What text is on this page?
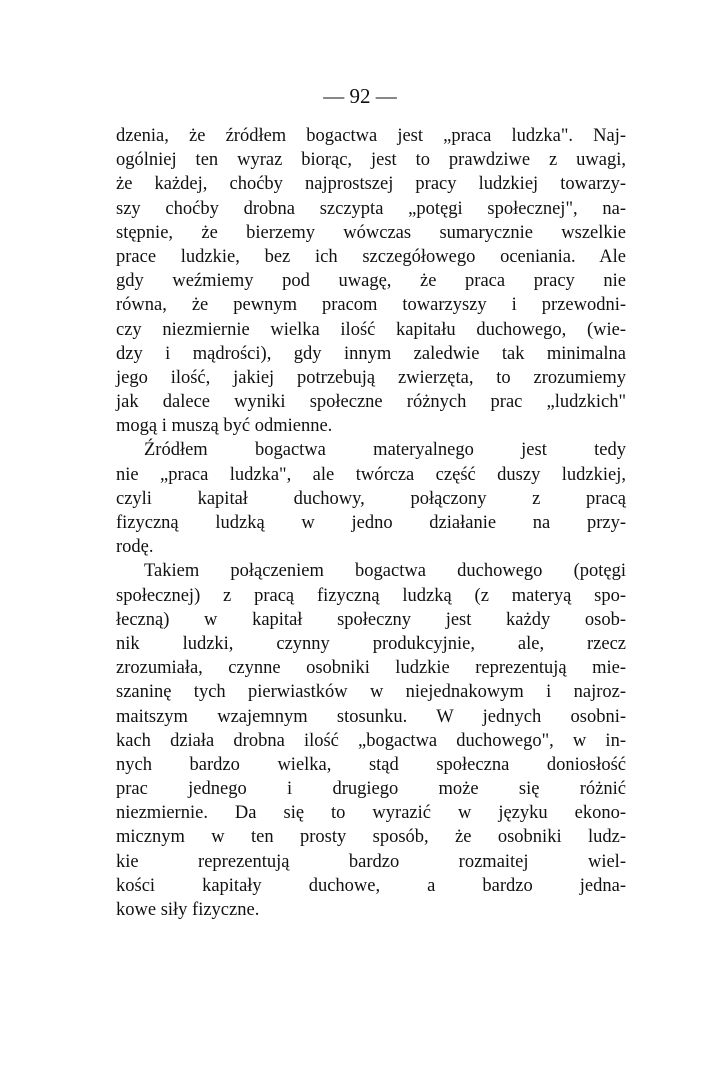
— 92 —
dzenia, że źródłem bogactwa jest „praca ludzka". Naj‑
ogólniej ten wyraz biorąc, jest to prawdziwe z uwagi,
że każdej, choćby najprostszej pracy ludzkiej towarzy‑
szy choćby drobna szczypta „potęgi społecznej", na‑
stępnie, że bierzemy wówczas sumarycznie wszelkie
prace ludzkie, bez ich szczegółowego oceniania. Ale
gdy weźmiemy pod uwagę, że praca pracy nie
równa, że pewnym pracom towarzyszy i przewodni‑
czy niezmiernie wielka ilość kapitału duchowego, (wie‑
dzy i mądrości), gdy innym zaledwie tak minimalna
jego ilość, jakiej potrzebują zwierzęta, to zrozumiemy
jak dalece wyniki społeczne różnych prac „ludzkich"
mogą i muszą być odmienne.
Źródłem bogactwa materyalnego jest tedy
nie „praca ludzka", ale twórcza część duszy ludzkiej,
czyli kapitał duchowy, połączony z pracą
fizyczną ludzką w jedno działanie na przy‑
rodę.
Takiem połączeniem bogactwa duchowego (potęgi
społecznej) z pracą fizyczną ludzką (z materyą spo‑
łeczną) w kapitał społeczny jest każdy osob‑
nik ludzki, czynny produkcyjnie, ale, rzecz
zrozumiała, czynne osobniki ludzkie reprezentują mie‑
szaninę tych pierwiastków w niejednakowym i najroz‑
maitszym wzajemnym stosunku. W jednych osobni‑
kach działa drobna ilość „bogactwa duchowego", w in‑
nych bardzo wielka, stąd społeczna doniosłość
prac jednego i drugiego może się różnić
niezmiernie. Da się to wyrazić w języku ekono‑
micznym w ten prosty sposób, że osobniki ludz‑
kie reprezentują bardzo rozmaitej wiel‑
kości kapitały duchowe, a bardzo jedna‑
kowe siły fizyczne.
